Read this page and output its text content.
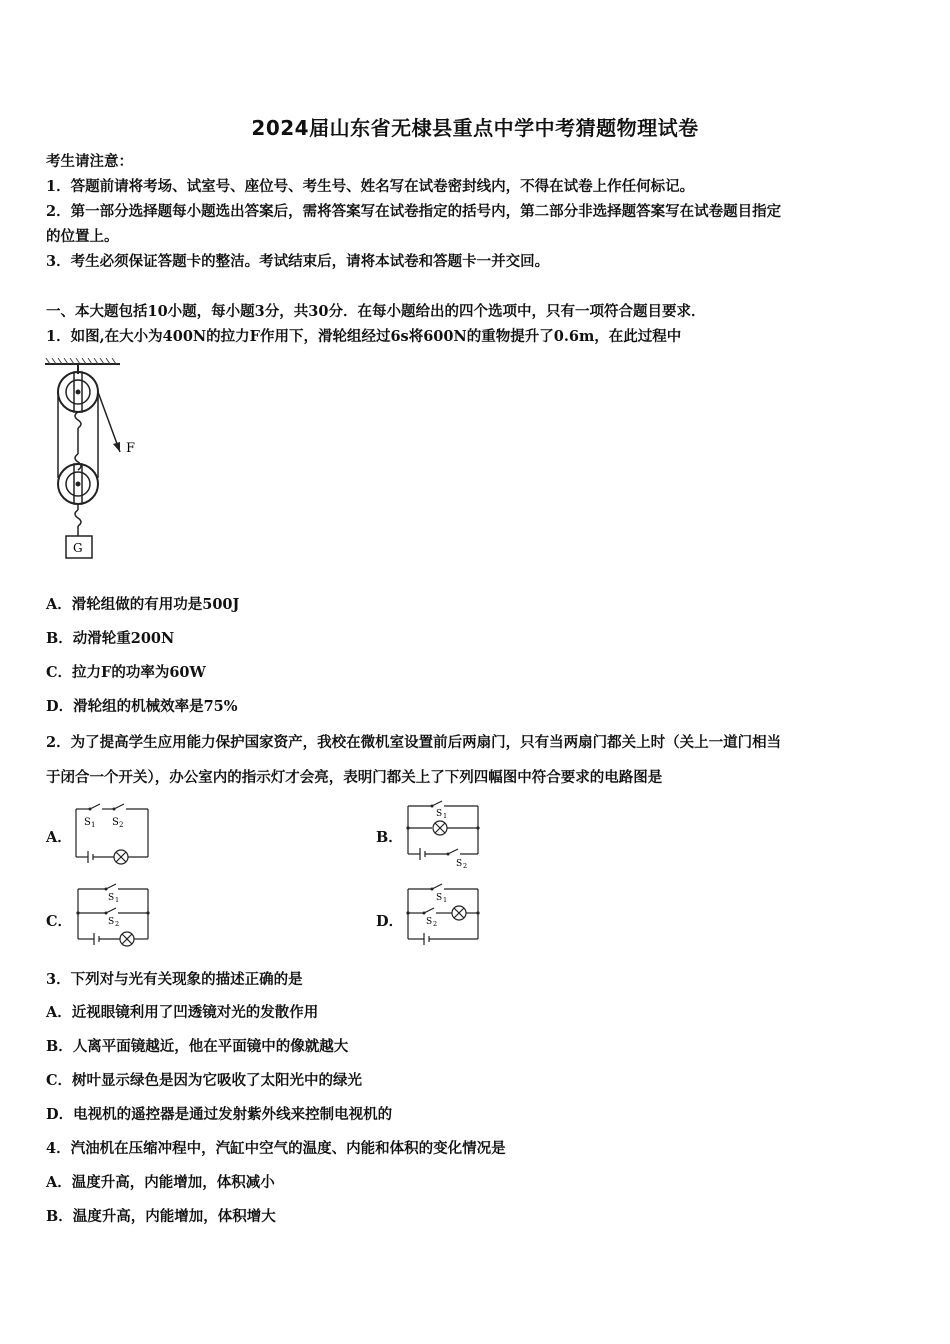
2024届山东省无棣县重点中学中考猜题物理试卷
考生请注意：
1．答题前请将考场、试室号、座位号、考生号、姓名写在试卷密封线内，不得在试卷上作任何标记。
2．第一部分选择题每小题选出答案后，需将答案写在试卷指定的括号内，第二部分非选择题答案写在试卷题目指定
的位置上。
3．考生必须保证答题卡的整洁。考试结束后，请将本试卷和答题卡一并交回。
一、本大题包括10小题，每小题3分，共30分．在每小题给出的四个选项中，只有一项符合题目要求．
1．如图,在大小为400N的拉力F作用下，滑轮组经过6s将600N的重物提升了0.6m，在此过程中
F
G
A．滑轮组做的有用功是500J
B．动滑轮重200N
C．拉力F的功率为60W
D．滑轮组的机械效率是75%
2．为了提高学生应用能力保护国家资产，我校在微机室设置前后两扇门，只有当两扇门都关上时（关上一道门相当
于闭合一个开关），办公室内的指示灯才会亮，表明门都关上了下列四幅图中符合要求的电路图是
A．
S 1 S 2
B．
S 1
S 2
C．
S 1
S 2	D．
S 1
S 2
3．下列对与光有关现象的描述正确的是
A．近视眼镜利用了凹透镜对光的发散作用
B．人离平面镜越近，他在平面镜中的像就越大
C．树叶显示绿色是因为它吸收了太阳光中的绿光
D．电视机的遥控器是通过发射紫外线来控制电视机的
4．汽油机在压缩冲程中，汽缸中空气的温度、内能和体积的变化情况是
A．温度升高，内能增加，体积减小
B．温度升高，内能增加，体积增大
